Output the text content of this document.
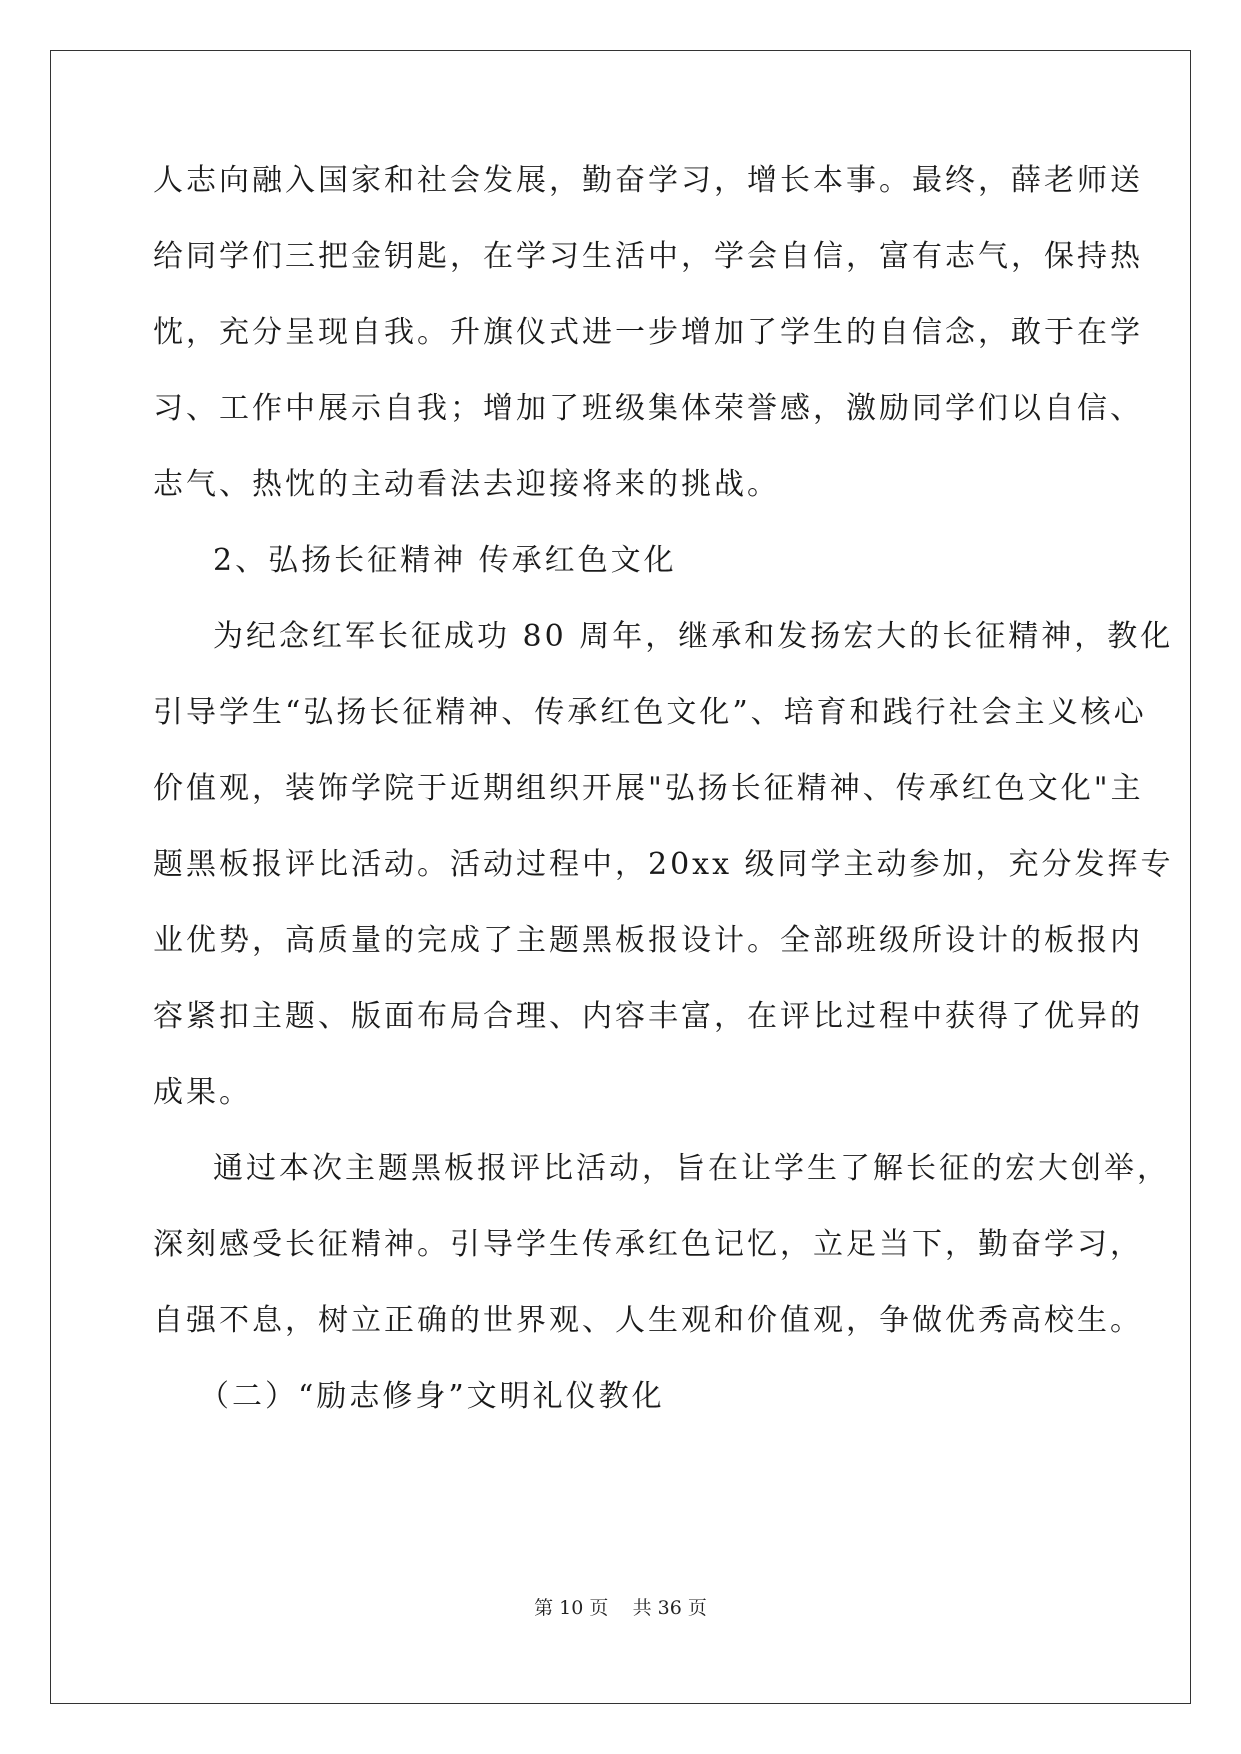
人志向融入国家和社会发展，勤奋学习，增长本事。最终，薛老师送
给同学们三把金钥匙，在学习生活中，学会自信，富有志气，保持热
忱，充分呈现自我。升旗仪式进一步增加了学生的自信念，敢于在学
习、工作中展示自我；增加了班级集体荣誉感，激励同学们以自信、
志气、热忱的主动看法去迎接将来的挑战。
2、弘扬长征精神 传承红色文化
为纪念红军长征成功 80 周年，继承和发扬宏大的长征精神，教化
引导学生“弘扬长征精神、传承红色文化”、培育和践行社会主义核心
价值观，装饰学院于近期组织开展"弘扬长征精神、传承红色文化"主
题黑板报评比活动。活动过程中，20xx 级同学主动参加，充分发挥专
业优势，高质量的完成了主题黑板报设计。全部班级所设计的板报内
容紧扣主题、版面布局合理、内容丰富，在评比过程中获得了优异的
成果。
通过本次主题黑板报评比活动，旨在让学生了解长征的宏大创举，
深刻感受长征精神。引导学生传承红色记忆，立足当下，勤奋学习，
自强不息，树立正确的世界观、人生观和价值观，争做优秀高校生。
（二）“励志修身”文明礼仪教化
第 10 页 共 36 页
